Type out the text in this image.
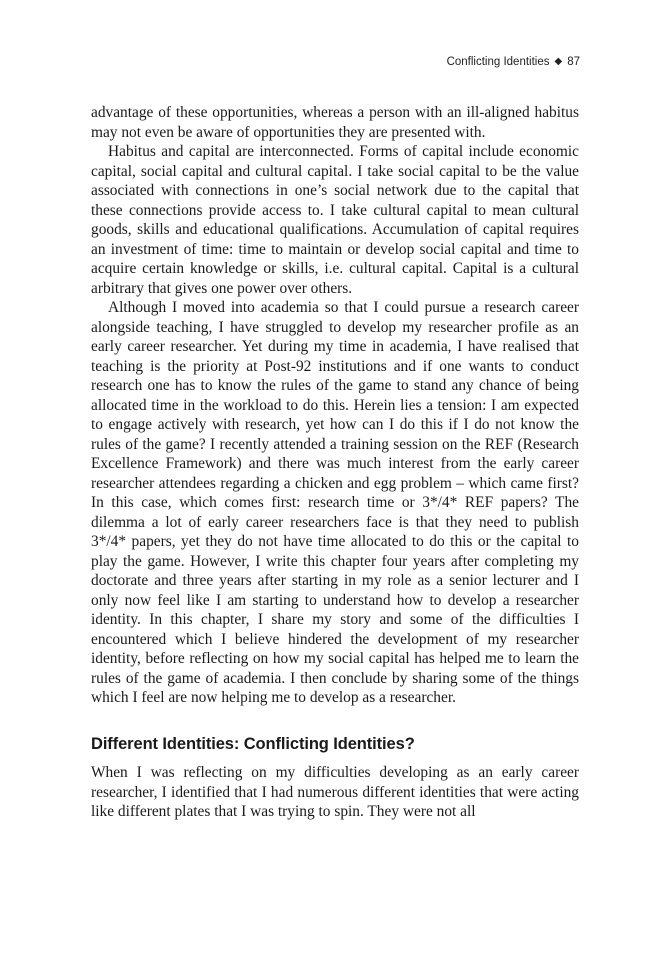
Conflicting Identities ◆ 87

advantage of these opportunities, whereas a person with an ill-aligned habitus may not even be aware of opportunities they are presented with.

Habitus and capital are interconnected. Forms of capital include economic capital, social capital and cultural capital. I take social capital to be the value associated with connections in one’s social network due to the capital that these connections provide access to. I take cultural capital to mean cultural goods, skills and educational qualifications. Accumulation of capital requires an investment of time: time to maintain or develop social capital and time to acquire certain knowledge or skills, i.e. cultural capital. Capital is a cultural arbitrary that gives one power over others.

Although I moved into academia so that I could pursue a research career alongside teaching, I have struggled to develop my researcher profile as an early career researcher. Yet during my time in academia, I have realised that teaching is the priority at Post-92 institutions and if one wants to conduct research one has to know the rules of the game to stand any chance of being allocated time in the workload to do this. Herein lies a tension: I am expected to engage actively with research, yet how can I do this if I do not know the rules of the game? I recently attended a training session on the REF (Research Excellence Framework) and there was much interest from the early career researcher attendees regarding a chicken and egg problem – which came first? In this case, which comes first: research time or 3*/4* REF papers? The dilemma a lot of early career researchers face is that they need to publish 3*/4* papers, yet they do not have time allocated to do this or the capital to play the game. However, I write this chapter four years after completing my doctorate and three years after starting in my role as a senior lecturer and I only now feel like I am starting to understand how to develop a researcher identity. In this chapter, I share my story and some of the difficulties I encountered which I believe hindered the development of my researcher identity, before reflecting on how my social capital has helped me to learn the rules of the game of academia. I then conclude by sharing some of the things which I feel are now helping me to develop as a researcher.

Different Identities: Conflicting Identities?

When I was reflecting on my difficulties developing as an early career researcher, I identified that I had numerous different identities that were acting like different plates that I was trying to spin. They were not all
